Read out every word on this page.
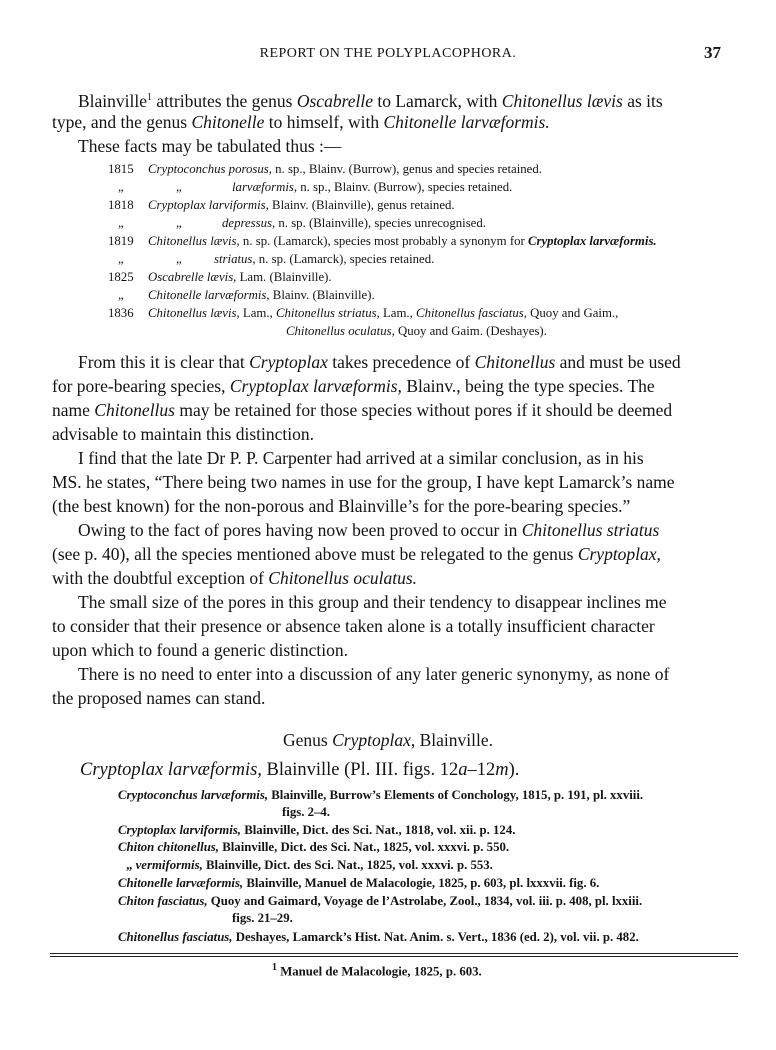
REPORT ON THE POLYPLACOPHORA.	37
Blainville$^1$ attributes the genus Oscabrelle to Lamarck, with Chitonellus lævis as its
type, and the genus Chitonelle to himself, with Chitonelle larvæformis.
These facts may be tabulated thus :—
1815	Cryptoconchus porosus, n. sp., Blainv. (Burrow), genus and species retained.
„	„	larvæformis, n. sp., Blainv. (Burrow), species retained.
1818	Cryptoplax larviformis, Blainv. (Blainville), genus retained.
„	„	depressus, n. sp. (Blainville), species unrecognised.
1819	Chitonellus lævis, n. sp. (Lamarck), species most probably a synonym for Cryptoplax larvæformis.
„	„	striatus, n. sp. (Lamarck), species retained.
1825	Oscabrelle lævis, Lam. (Blainville).
„	Chitonelle larvæformis, Blainv. (Blainville).
1836	Chitonellus lævis, Lam., Chitonellus striatus, Lam., Chitonellus fasciatus, Quoy and Gaim.,
Chitonellus oculatus, Quoy and Gaim. (Deshayes).
From this it is clear that Cryptoplax takes precedence of Chitonellus and must be used
for pore-bearing species, Cryptoplax larvæformis, Blainv., being the type species. The
name Chitonellus may be retained for those species without pores if it should be deemed
advisable to maintain this distinction.
I find that the late Dr P. P. Carpenter had arrived at a similar conclusion, as in his
MS. he states, “There being two names in use for the group, I have kept Lamarck’s name
(the best known) for the non-porous and Blainville’s for the pore-bearing species.”
Owing to the fact of pores having now been proved to occur in Chitonellus striatus
(see p. 40), all the species mentioned above must be relegated to the genus Cryptoplax,
with the doubtful exception of Chitonellus oculatus.
The small size of the pores in this group and their tendency to disappear inclines me
to consider that their presence or absence taken alone is a totally insufficient character
upon which to found a generic distinction.
There is no need to enter into a discussion of any later generic synonymy, as none of
the proposed names can stand.
Genus Cryptoplax, Blainville.
Cryptoplax larvæformis, Blainville (Pl. III. figs. 12a–12m).
Cryptoconchus larvæformis, Blainville, Burrow’s Elements of Conchology, 1815, p. 191, pl. xxviii.
figs. 2–4.
Cryptoplax larviformis, Blainville, Dict. des Sci. Nat., 1818, vol. xii. p. 124.
Chiton chitonellus, Blainville, Dict. des Sci. Nat., 1825, vol. xxxvi. p. 550.
„ vermiformis, Blainville, Dict. des Sci. Nat., 1825, vol. xxxvi. p. 553.
Chitonelle larvæformis, Blainville, Manuel de Malacologie, 1825, p. 603, pl. lxxxvii. fig. 6.
Chiton fasciatus, Quoy and Gaimard, Voyage de l’Astrolabe, Zool., 1834, vol. iii. p. 408, pl. lxxiii.
figs. 21–29.
Chitonellus fasciatus, Deshayes, Lamarck’s Hist. Nat. Anim. s. Vert., 1836 (ed. 2), vol. vii. p. 482.
$^1$ Manuel de Malacologie, 1825, p. 603.
